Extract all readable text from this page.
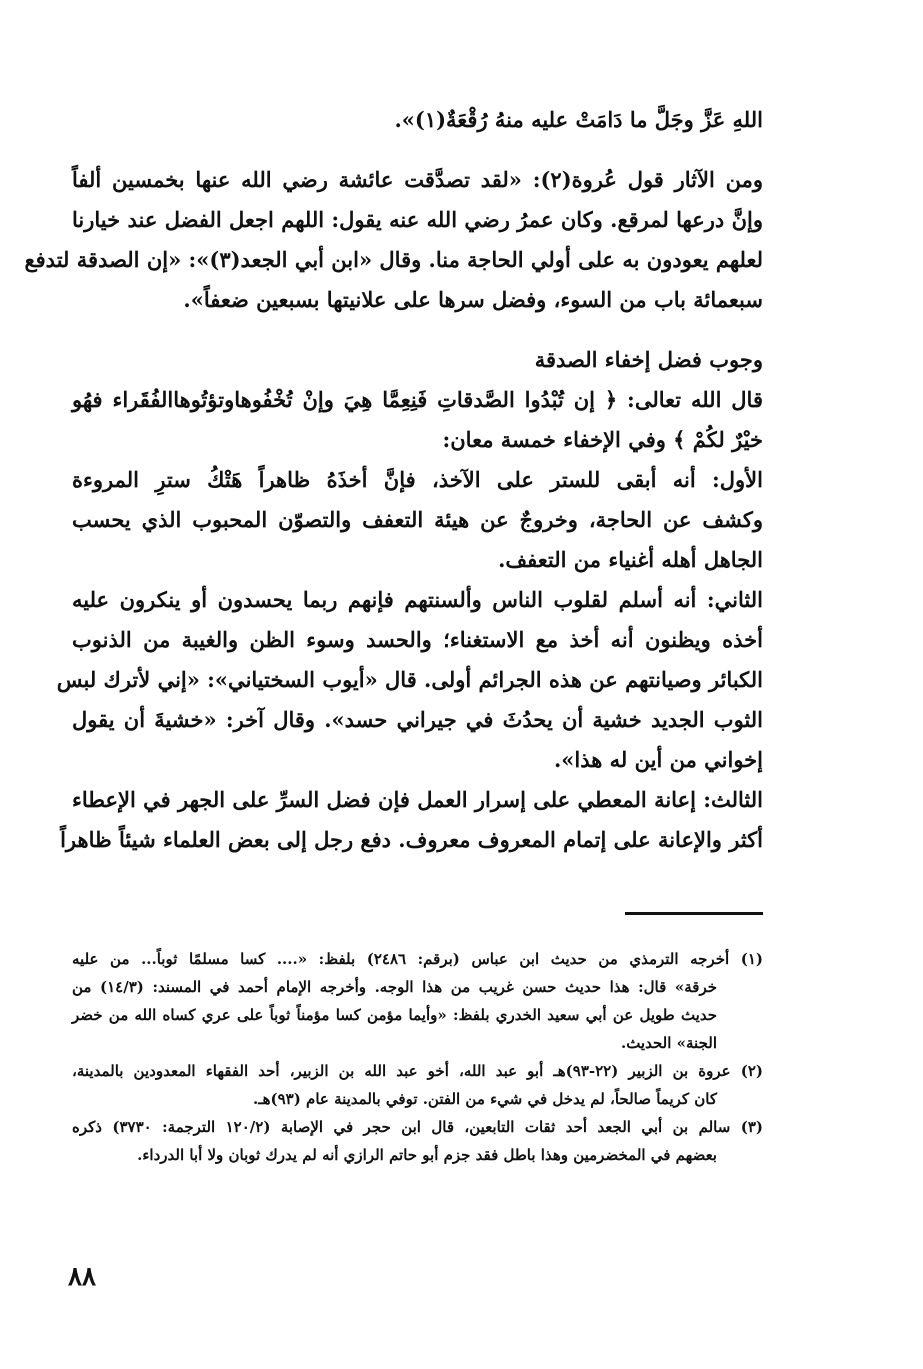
اللهِ عَزَّ وجَلَّ ما دَامَتْ عليه منهُ رُقْعَةٌ(١)».
ومن الآثار قول عُروة(٢): «لقد تصدَّقت عائشة رضي الله عنها بخمسين ألفاً
وإنَّ درعها لمرقع. وكان عمرُ رضي الله عنه يقول: اللهم اجعل الفضل عند خيارنا
لعلهم يعودون به على أولي الحاجة منا. وقال «ابن أبي الجعد(٣)»: «إن الصدقة لتدفع
سبعمائة باب من السوء، وفضل سرها على علانيتها بسبعين ضعفاً».
وجوب فضل إخفاء الصدقة
قال الله تعالى: ﴿ إن تُبْدُوا الصَّدقاتِ فَنِعِمَّا هِيَ وإنْ تُخْفُوهاوتؤتُوهاالفُقَراء فهُو
خيْرٌ لكُمْ ﴾ وفي الإخفاء خمسة معان:
الأول: أنه أبقى للستر على الآخذ، فإنَّ أخذَهُ ظاهراً هَتْكُ سترِ المروءة
وكشف عن الحاجة، وخروجٌ عن هيئة التعفف والتصوّن المحبوب الذي يحسب
الجاهل أهله أغنياء من التعفف.
الثاني: أنه أسلم لقلوب الناس وألسنتهم فإنهم ربما يحسدون أو ينكرون عليه
أخذه ويظنون أنه أخذ مع الاستغناء؛ والحسد وسوء الظن والغيبة من الذنوب
الكبائر وصيانتهم عن هذه الجرائم أولى. قال «أيوب السختياني»: «إني لأترك لبس
الثوب الجديد خشية أن يحدُثَ في جيراني حسد». وقال آخر: «خشيةَ أن يقول
إخواني من أين له هذا».
الثالث: إعانة المعطي على إسرار العمل فإن فضل السرِّ على الجهر في الإعطاء
أكثر والإعانة على إتمام المعروف معروف. دفع رجل إلى بعض العلماء شيئاً ظاهراً
(١) أخرجه الترمذي من حديث ابن عباس (برقم: ٢٤٨٦) بلفظ: «.... كسا مسلمًا ثوباً... من عليه
خرقة» قال: هذا حديث حسن غريب من هذا الوجه. وأخرجه الإمام أحمد في المسند: (١٤/٣) من
حديث طويل عن أبي سعيد الخدري بلفظ: «وأيما مؤمن كسا مؤمناً ثوباً على عري كساه الله من خضر
الجنة» الحديث.
(٢) عروة بن الزبير (٢٢-٩٣)هـ أبو عبد الله، أخو عبد الله بن الزبير، أحد الفقهاء المعدودين بالمدينة،
كان كريماً صالحاً، لم يدخل في شيء من الفتن. توفي بالمدينة عام (٩٣)هـ.
(٣) سالم بن أبي الجعد أحد ثقات التابعين، قال ابن حجر في الإصابة (١٢٠/٢ الترجمة: ٣٧٣٠) ذكره
بعضهم في المخضرمين وهذا باطل فقد جزم أبو حاتم الرازي أنه لم يدرك ثوبان ولا أبا الدرداء.
٨٨
